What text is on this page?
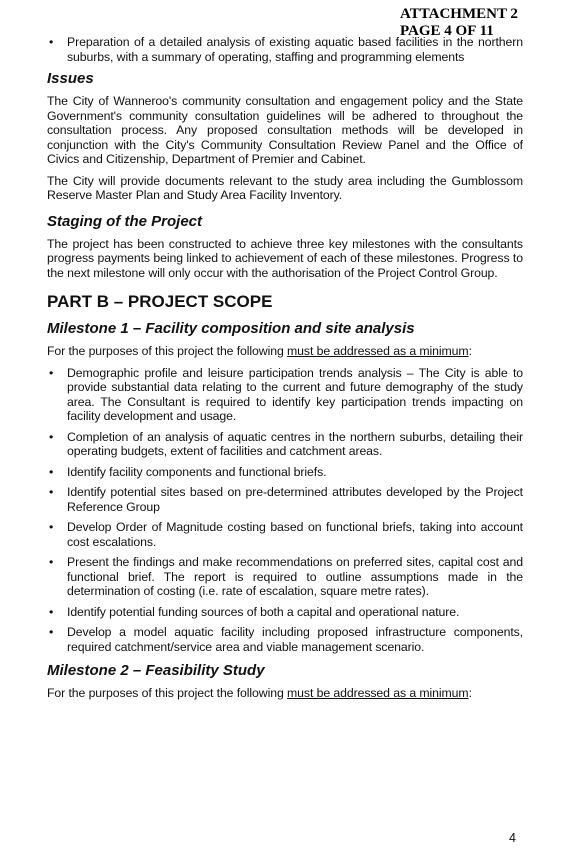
ATTACHMENT 2
PAGE 4 OF 11
• Preparation of a detailed analysis of existing aquatic based facilities in the northern suburbs, with a summary of operating, staffing and programming elements
Issues

The City of Wanneroo's community consultation and engagement policy and the State Government's community consultation guidelines will be adhered to throughout the consultation process. Any proposed consultation methods will be developed in conjunction with the City's Community Consultation Review Panel and the Office of Civics and Citizenship, Department of Premier and Cabinet.

The City will provide documents relevant to the study area including the Gumblossom Reserve Master Plan and Study Area Facility Inventory.

Staging of the Project

The project has been constructed to achieve three key milestones with the consultants progress payments being linked to achievement of each of these milestones. Progress to the next milestone will only occur with the authorisation of the Project Control Group.

PART B – PROJECT SCOPE
Milestone 1 – Facility composition and site analysis

For the purposes of this project the following must be addressed as a minimum:

• Demographic profile and leisure participation trends analysis – The City is able to provide substantial data relating to the current and future demography of the study area. The Consultant is required to identify key participation trends impacting on facility development and usage.
• Completion of an analysis of aquatic centres in the northern suburbs, detailing their operating budgets, extent of facilities and catchment areas.
• Identify facility components and functional briefs.
• Identify potential sites based on pre-determined attributes developed by the Project Reference Group
• Develop Order of Magnitude costing based on functional briefs, taking into account cost escalations.
• Present the findings and make recommendations on preferred sites, capital cost and functional brief. The report is required to outline assumptions made in the determination of costing (i.e. rate of escalation, square metre rates).
• Identify potential funding sources of both a capital and operational nature.
• Develop a model aquatic facility including proposed infrastructure components, required catchment/service area and viable management scenario.
Milestone 2 – Feasibility Study

For the purposes of this project the following must be addressed as a minimum:

4
